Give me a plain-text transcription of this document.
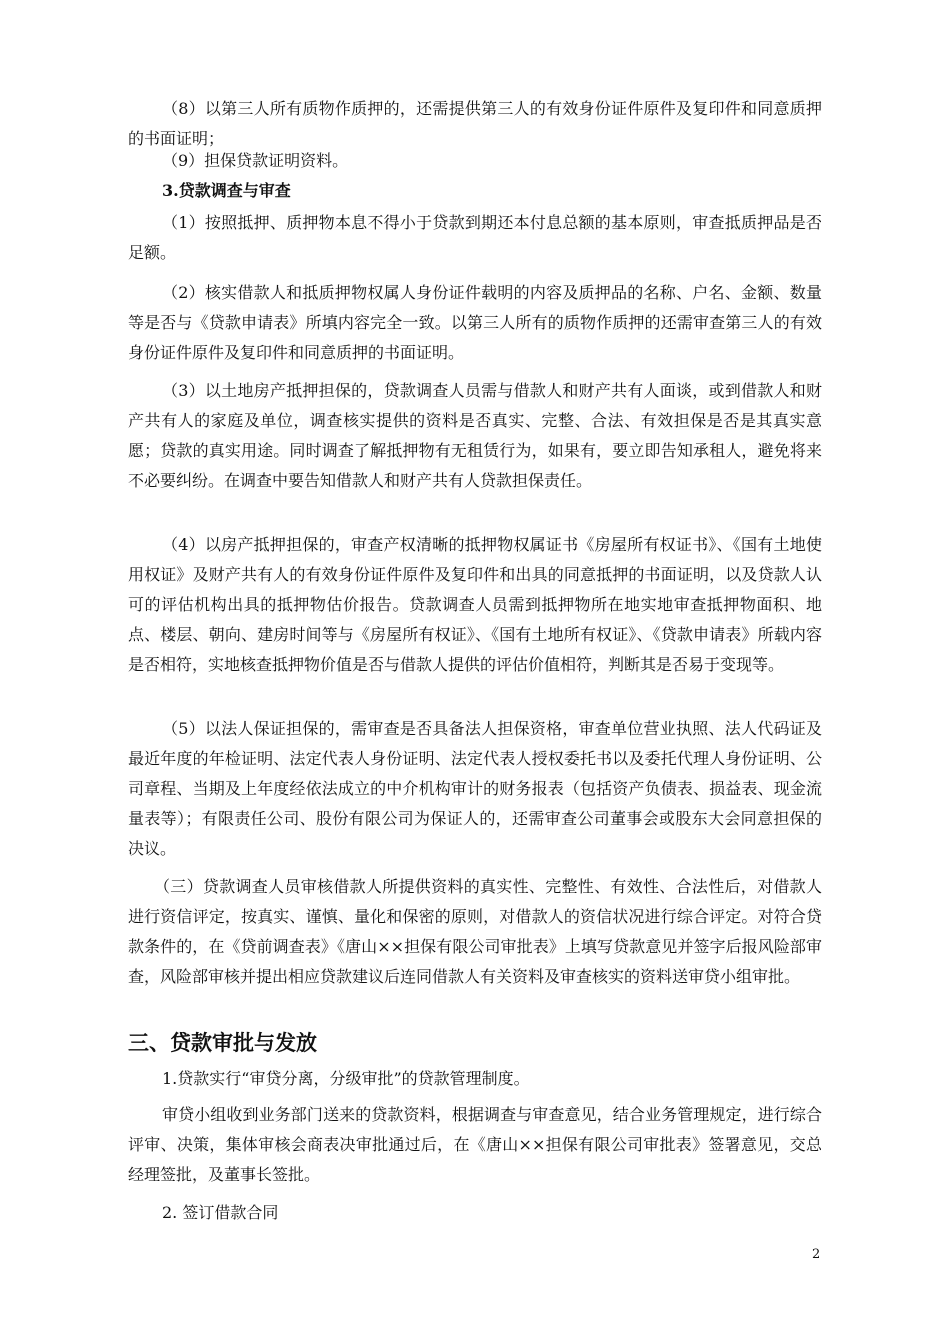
（8）以第三人所有质物作质押的，还需提供第三人的有效身份证件原件及复印件和同意质押的书面证明；

（9）担保贷款证明资料。

3.贷款调查与审查

（1）按照抵押、质押物本息不得小于贷款到期还本付息总额的基本原则，审查抵质押品是否足额。

（2）核实借款人和抵质押物权属人身份证件载明的内容及质押品的名称、户名、金额、数量等是否与《贷款申请表》所填内容完全一致。以第三人所有的质物作质押的还需审查第三人的有效身份证件原件及复印件和同意质押的书面证明。

（3）以土地房产抵押担保的，贷款调查人员需与借款人和财产共有人面谈，或到借款人和财产共有人的家庭及单位，调查核实提供的资料是否真实、完整、合法、有效担保是否是其真实意愿；贷款的真实用途。同时调查了解抵押物有无租赁行为，如果有，要立即告知承租人，避免将来不必要纠纷。在调查中要告知借款人和财产共有人贷款担保责任。

（4）以房产抵押担保的，审查产权清晰的抵押物权属证书《房屋所有权证书》、《国有土地使用权证》及财产共有人的有效身份证件原件及复印件和出具的同意抵押的书面证明，以及贷款人认可的评估机构出具的抵押物估价报告。贷款调查人员需到抵押物所在地实地审查抵押物面积、地点、楼层、朝向、建房时间等与《房屋所有权证》、《国有土地所有权证》、《贷款申请表》所载内容是否相符，实地核查抵押物价值是否与借款人提供的评估价值相符，判断其是否易于变现等。

（5）以法人保证担保的，需审查是否具备法人担保资格，审查单位营业执照、法人代码证及最近年度的年检证明、法定代表人身份证明、法定代表人授权委托书以及委托代理人身份证明、公司章程、当期及上年度经依法成立的中介机构审计的财务报表（包括资产负债表、损益表、现金流量表等）；有限责任公司、股份有限公司为保证人的，还需审查公司董事会或股东大会同意担保的决议。

（三）贷款调查人员审核借款人所提供资料的真实性、完整性、有效性、合法性后，对借款人进行资信评定，按真实、谨慎、量化和保密的原则，对借款人的资信状况进行综合评定。对符合贷款条件的，在《贷前调查表》《唐山××担保有限公司审批表》上填写贷款意见并签字后报风险部审查，风险部审核并提出相应贷款建议后连同借款人有关资料及审查核实的资料送审贷小组审批。

三、贷款审批与发放

1.贷款实行“审贷分离，分级审批”的贷款管理制度。

审贷小组收到业务部门送来的贷款资料，根据调查与审查意见，结合业务管理规定，进行综合评审、决策，集体审核会商表决审批通过后，在《唐山××担保有限公司审批表》签署意见，交总经理签批，及董事长签批。

2. 签订借款合同

2
